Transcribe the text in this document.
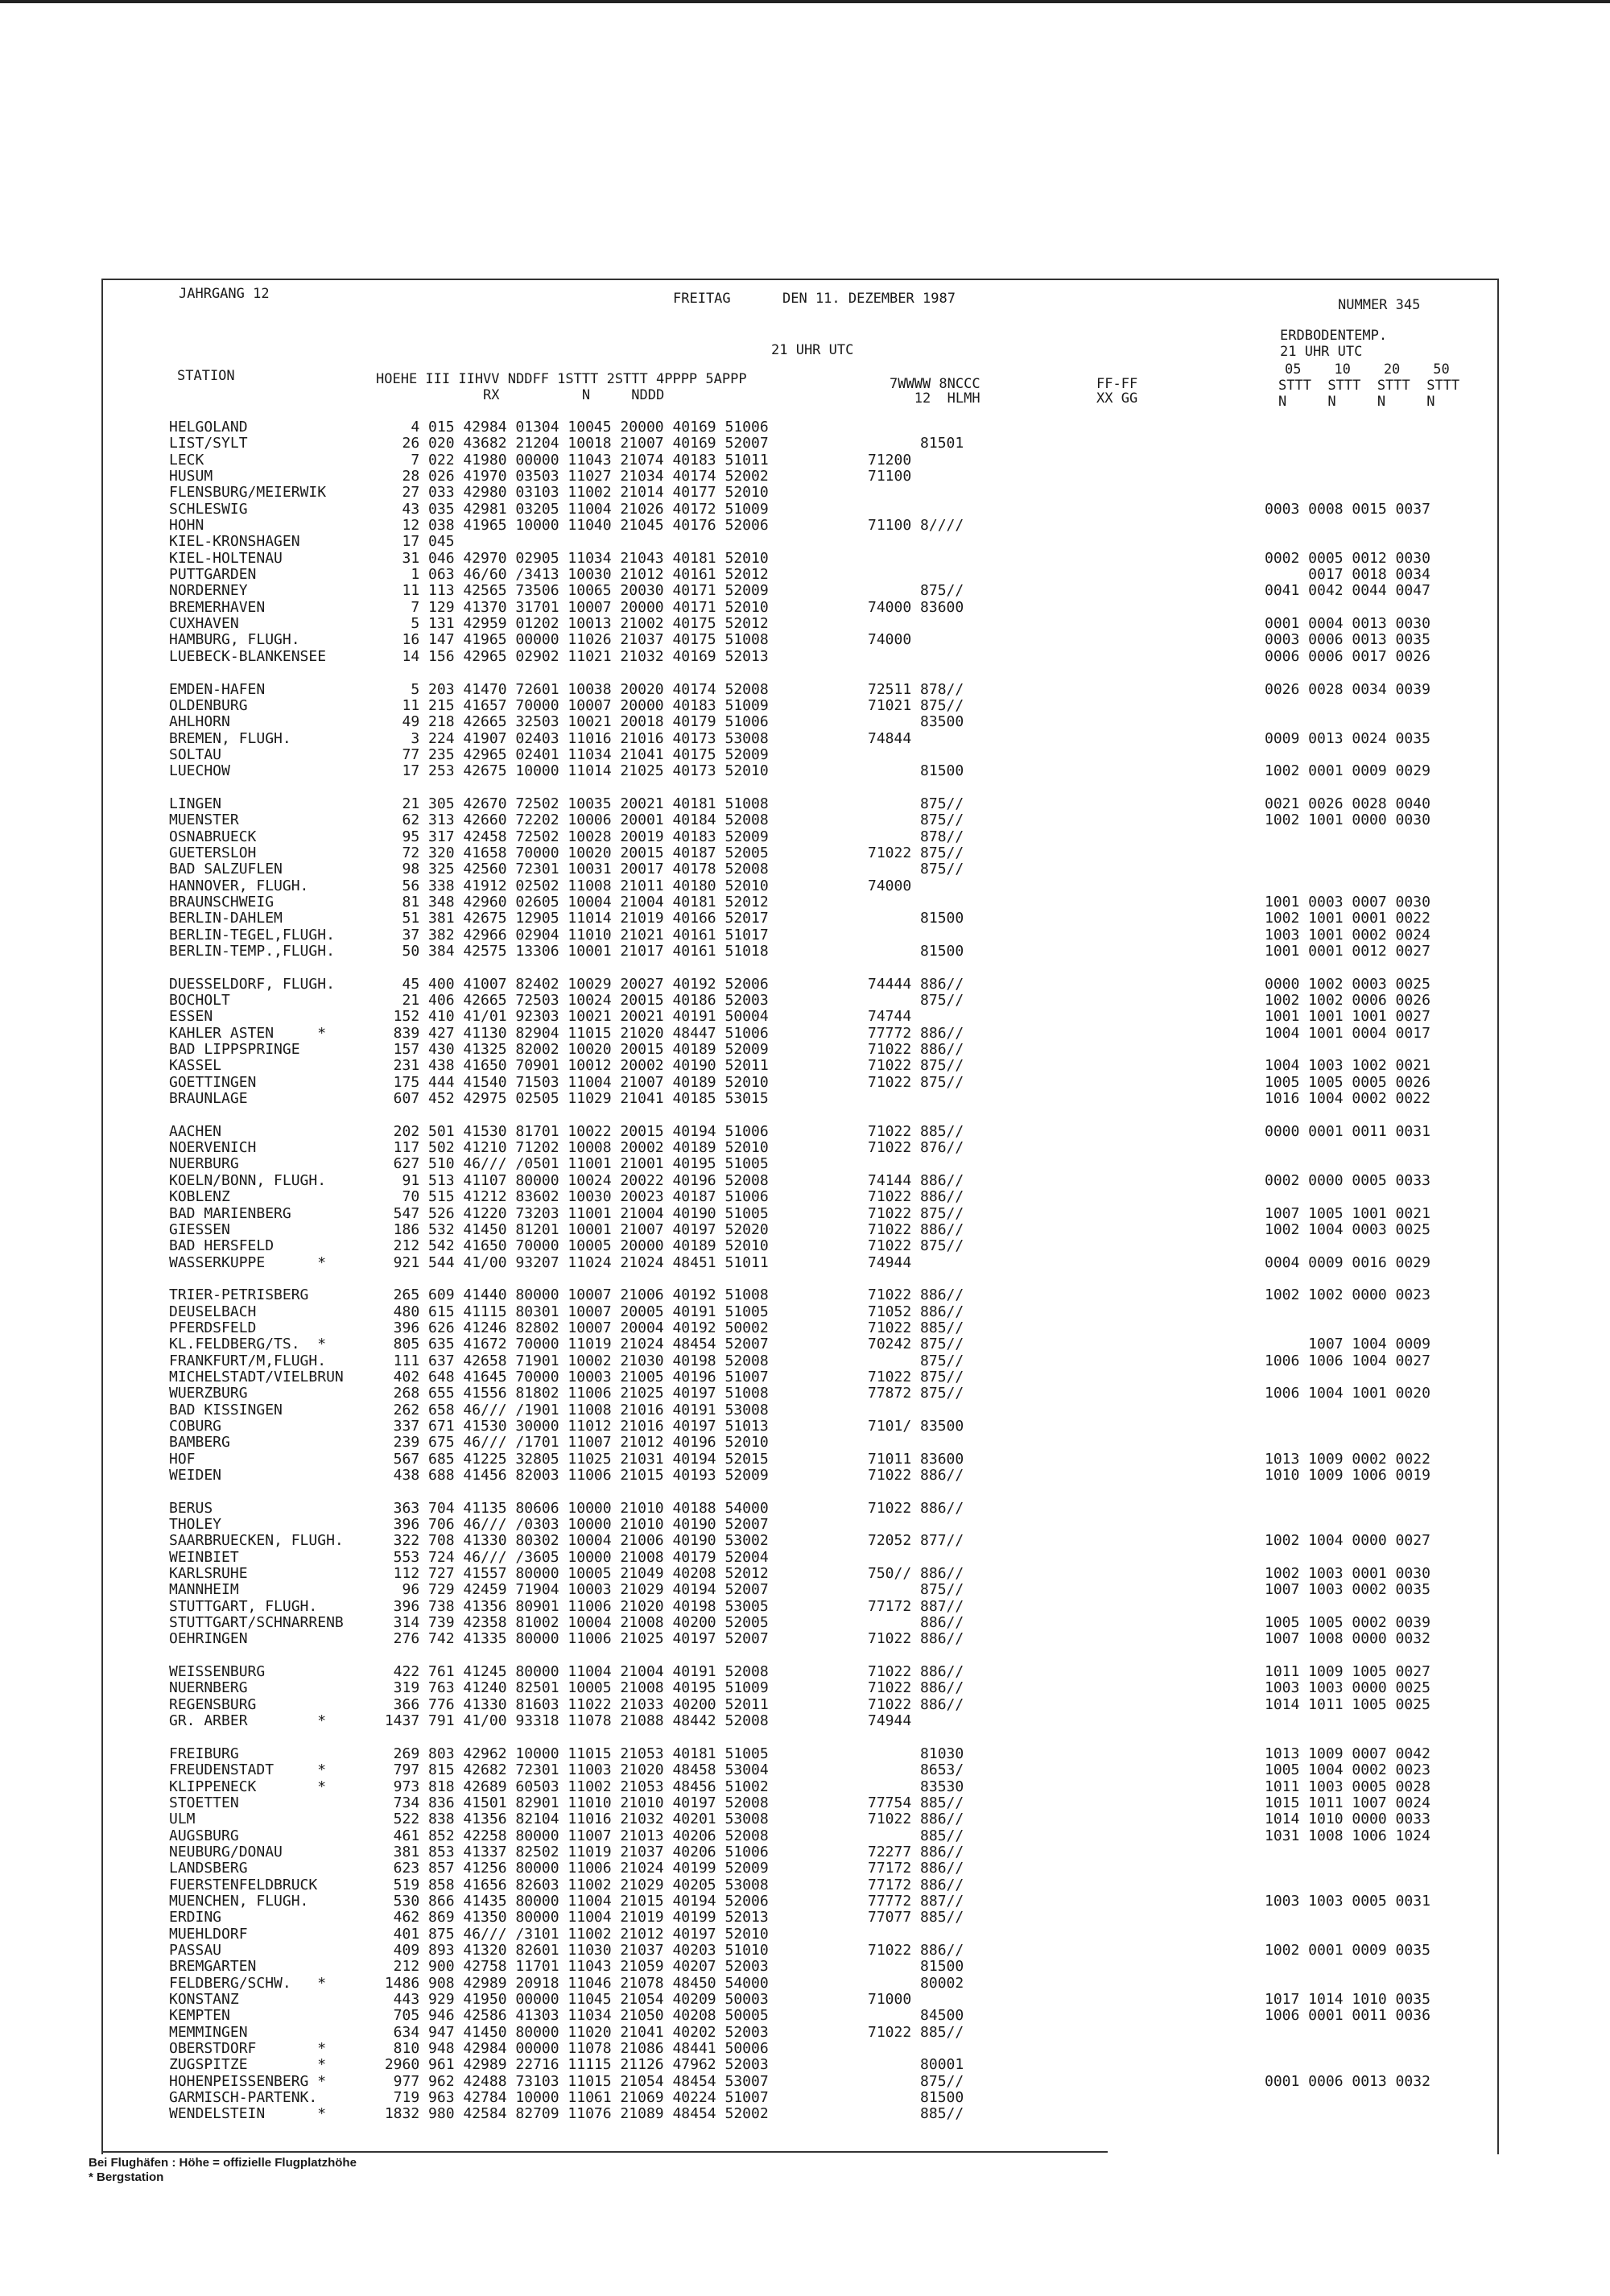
JAHRGANG 12	FREITAG	DEN 11. DEZEMBER 1987	NUMMER 345
ERDBODENTEMP.
21 UHR UTC	21 UHR UTC
05    10    20    50
STATION	HOEHE III IIHVV NDDFF 1STTT 2STTT 4PPPP 5APPP
RX          N     NDDD
7WWWW 8NCCC
12  HLMH
FF-FF
XX GG
STTT  STTT  STTT  STTT
N     N     N     N
HELGOLAND	4 015 42984 01304 10045 20000 40169 51006
LIST/SYLT	26 020 43682 21204 10018 21007 40169 52007	81501
LECK	7 022 41980 00000 11043 21074 40183 51011	71200
HUSUM	28 026 41970 03503 11027 21034 40174 52002	71100
FLENSBURG/MEIERWIK	27 033 42980 03103 11002 21014 40177 52010
SCHLESWIG	43 035 42981 03205 11004 21026 40172 51009	0003 0008 0015 0037
HOHN	12 038 41965 10000 11040 21045 40176 52006	71100 8////
KIEL-KRONSHAGEN	17 045
KIEL-HOLTENAU	31 046 42970 02905 11034 21043 40181 52010	0002 0005 0012 0030
PUTTGARDEN	1 063 46/60 /3413 10030 21012 40161 52012	0017 0018 0034
NORDERNEY	11 113 42565 73506 10065 20030 40171 52009	875//	0041 0042 0044 0047
BREMERHAVEN	7 129 41370 31701 10007 20000 40171 52010	74000 83600
CUXHAVEN	5 131 42959 01202 10013 21002 40175 52012	0001 0004 0013 0030
HAMBURG, FLUGH.	16 147 41965 00000 11026 21037 40175 51008	74000	0003 0006 0013 0035
LUEBECK-BLANKENSEE	14 156 42965 02902 11021 21032 40169 52013	0006 0006 0017 0026
EMDEN-HAFEN	5 203 41470 72601 10038 20020 40174 52008	72511 878//	0026 0028 0034 0039
OLDENBURG	11 215 41657 70000 10007 20000 40183 51009	71021 875//
AHLHORN	49 218 42665 32503 10021 20018 40179 51006	83500
BREMEN, FLUGH.	3 224 41907 02403 11016 21016 40173 53008	74844	0009 0013 0024 0035
SOLTAU	77 235 42965 02401 11034 21041 40175 52009
LUECHOW	17 253 42675 10000 11014 21025 40173 52010	81500	1002 0001 0009 0029
LINGEN	21 305 42670 72502 10035 20021 40181 51008	875//	0021 0026 0028 0040
MUENSTER	62 313 42660 72202 10006 20001 40184 52008	875//	1002 1001 0000 0030
OSNABRUECK	95 317 42458 72502 10028 20019 40183 52009	878//
GUETERSLOH	72 320 41658 70000 10020 20015 40187 52005	71022 875//
BAD SALZUFLEN	98 325 42560 72301 10031 20017 40178 52008	875//
HANNOVER, FLUGH.	56 338 41912 02502 11008 21011 40180 52010	74000
BRAUNSCHWEIG	81 348 42960 02605 10004 21004 40181 52012	1001 0003 0007 0030
BERLIN-DAHLEM	51 381 42675 12905 11014 21019 40166 52017	81500	1002 1001 0001 0022
BERLIN-TEGEL,FLUGH.	37 382 42966 02904 11010 21021 40161 51017	1003 1001 0002 0024
BERLIN-TEMP.,FLUGH.	50 384 42575 13306 10001 21017 40161 51018	81500	1001 0001 0012 0027
DUESSELDORF, FLUGH.	45 400 41007 82402 10029 20027 40192 52006	74444 886//	0000 1002 0003 0025
BOCHOLT	21 406 42665 72503 10024 20015 40186 52003	875//	1002 1002 0006 0026
ESSEN	152 410 41/01 92303 10021 20021 40191 50004	74744	1001 1001 1001 0027
KAHLER ASTEN     *	839 427 41130 82904 11015 21020 48447 51006	77772 886//	1004 1001 0004 0017
BAD LIPPSPRINGE	157 430 41325 82002 10020 20015 40189 52009	71022 886//
KASSEL	231 438 41650 70901 10012 20002 40190 52011	71022 875//	1004 1003 1002 0021
GOETTINGEN	175 444 41540 71503 11004 21007 40189 52010	71022 875//	1005 1005 0005 0026
BRAUNLAGE	607 452 42975 02505 11029 21041 40185 53015	1016 1004 0002 0022
AACHEN	202 501 41530 81701 10022 20015 40194 51006	71022 885//	0000 0001 0011 0031
NOERVENICH	117 502 41210 71202 10008 20002 40189 52010	71022 876//
NUERBURG	627 510 46/// /0501 11001 21001 40195 51005
KOELN/BONN, FLUGH.	91 513 41107 80000 10024 20022 40196 52008	74144 886//	0002 0000 0005 0033
KOBLENZ	70 515 41212 83602 10030 20023 40187 51006	71022 886//
BAD MARIENBERG	547 526 41220 73203 11001 21004 40190 51005	71022 875//	1007 1005 1001 0021
GIESSEN	186 532 41450 81201 10001 21007 40197 52020	71022 886//	1002 1004 0003 0025
BAD HERSFELD	212 542 41650 70000 10005 20000 40189 52010	71022 875//
WASSERKUPPE      *	921 544 41/00 93207 11024 21024 48451 51011	74944	0004 0009 0016 0029
TRIER-PETRISBERG	265 609 41440 80000 10007 21006 40192 51008	71022 886//	1002 1002 0000 0023
DEUSELBACH	480 615 41115 80301 10007 20005 40191 51005	71052 886//
PFERDSFELD	396 626 41246 82802 10007 20004 40192 50002	71022 885//
KL.FELDBERG/TS.  *	805 635 41672 70000 11019 21024 48454 52007	70242 875//	1007 1004 0009
FRANKFURT/M,FLUGH.	111 637 42658 71901 10002 21030 40198 52008	875//	1006 1006 1004 0027
MICHELSTADT/VIELBRUN 402 648 41645 70000 10003 21005 40196 51007	71022 875//
WUERZBURG	268 655 41556 81802 11006 21025 40197 51008	77872 875//	1006 1004 1001 0020
BAD KISSINGEN	262 658 46/// /1901 11008 21016 40191 53008
COBURG	337 671 41530 30000 11012 21016 40197 51013	7101/ 83500
BAMBERG	239 675 46/// /1701 11007 21012 40196 52010
HOF	567 685 41225 32805 11025 21031 40194 52015	71011 83600	1013 1009 0002 0022
WEIDEN	438 688 41456 82003 11006 21015 40193 52009	71022 886//	1010 1009 1006 0019
BERUS	363 704 41135 80606 10000 21010 40188 54000	71022 886//
THOLEY	396 706 46/// /0303 10000 21010 40190 52007
SAARBRUECKEN, FLUGH. 322 708 41330 80302 10004 21006 40190 53002	72052 877//	1002 1004 0000 0027
WEINBIET	553 724 46/// /3605 10000 21008 40179 52004
KARLSRUHE	112 727 41557 80000 10005 21049 40208 52012	750// 886//	1002 1003 0001 0030
MANNHEIM	96 729 42459 71904 10003 21029 40194 52007	875//	1007 1003 0002 0035
STUTTGART, FLUGH.	396 738 41356 80901 11006 21020 40198 53005	77172 887//
STUTTGART/SCHNARRENB 314 739 42358 81002 10004 21008 40200 52005	886//	1005 1005 0002 0039
OEHRINGEN	276 742 41335 80000 11006 21025 40197 52007	71022 886//	1007 1008 0000 0032
WEISSENBURG	422 761 41245 80000 11004 21004 40191 52008	71022 886//	1011 1009 1005 0027
NUERNBERG	319 763 41240 82501 10005 21008 40195 51009	71022 886//	1003 1003 0000 0025
REGENSBURG	366 776 41330 81603 11022 21033 40200 52011	71022 886//	1014 1011 1005 0025
GR. ARBER        *	1437 791 41/00 93318 11078 21088 48442 52008	74944
FREIBURG	269 803 42962 10000 11015 21053 40181 51005	81030	1013 1009 0007 0042
FREUDENSTADT     *	797 815 42682 72301 11003 21020 48458 53004	8653/	1005 1004 0002 0023
KLIPPENECK       *	973 818 42689 60503 11002 21053 48456 51002	83530	1011 1003 0005 0028
STOETTEN	734 836 41501 82901 11010 21010 40197 52008	77754 885//	1015 1011 1007 0024
ULM	522 838 41356 82104 11016 21032 40201 53008	71022 886//	1014 1010 0000 0033
AUGSBURG	461 852 42258 80000 11007 21013 40206 52008	885//	1031 1008 1006 1024
NEUBURG/DONAU	381 853 41337 82502 11019 21037 40206 51006	72277 886//
LANDSBERG	623 857 41256 80000 11006 21024 40199 52009	77172 886//
FUERSTENFELDBRUCK	519 858 41656 82603 11002 21029 40205 53008	77172 886//
MUENCHEN, FLUGH.	530 866 41435 80000 11004 21015 40194 52006	77772 887//	1003 1003 0005 0031
ERDING	462 869 41350 80000 11004 21019 40199 52013	77077 885//
MUEHLDORF	401 875 46/// /3101 11002 21012 40197 52010
PASSAU	409 893 41320 82601 11030 21037 40203 51010	71022 886//	1002 0001 0009 0035
BREMGARTEN	212 900 42758 11701 11043 21059 40207 52003	81500
FELDBERG/SCHW.   *	1486 908 42989 20918 11046 21078 48450 54000	80002
KONSTANZ	443 929 41950 00000 11045 21054 40209 50003	71000	1017 1014 1010 0035
KEMPTEN	705 946 42586 41303 11034 21050 40208 50005	84500	1006 0001 0011 0036
MEMMINGEN	634 947 41450 80000 11020 21041 40202 52003	71022 885//
OBERSTDORF       *	810 948 42984 00000 11078 21086 48441 50006
ZUGSPITZE        *	2960 961 42989 22716 11115 21126 47962 52003	80001
HOHENPEISSENBERG *	977 962 42488 73103 11015 21054 48454 53007	875//	0001 0006 0013 0032
GARMISCH-PARTENK.	719 963 42784 10000 11061 21069 40224 51007	81500
WENDELSTEIN      *	1832 980 42584 82709 11076 21089 48454 52002	885//
Bei Flughäfen : Höhe = offizielle Flugplatzhöhe
* Bergstation
